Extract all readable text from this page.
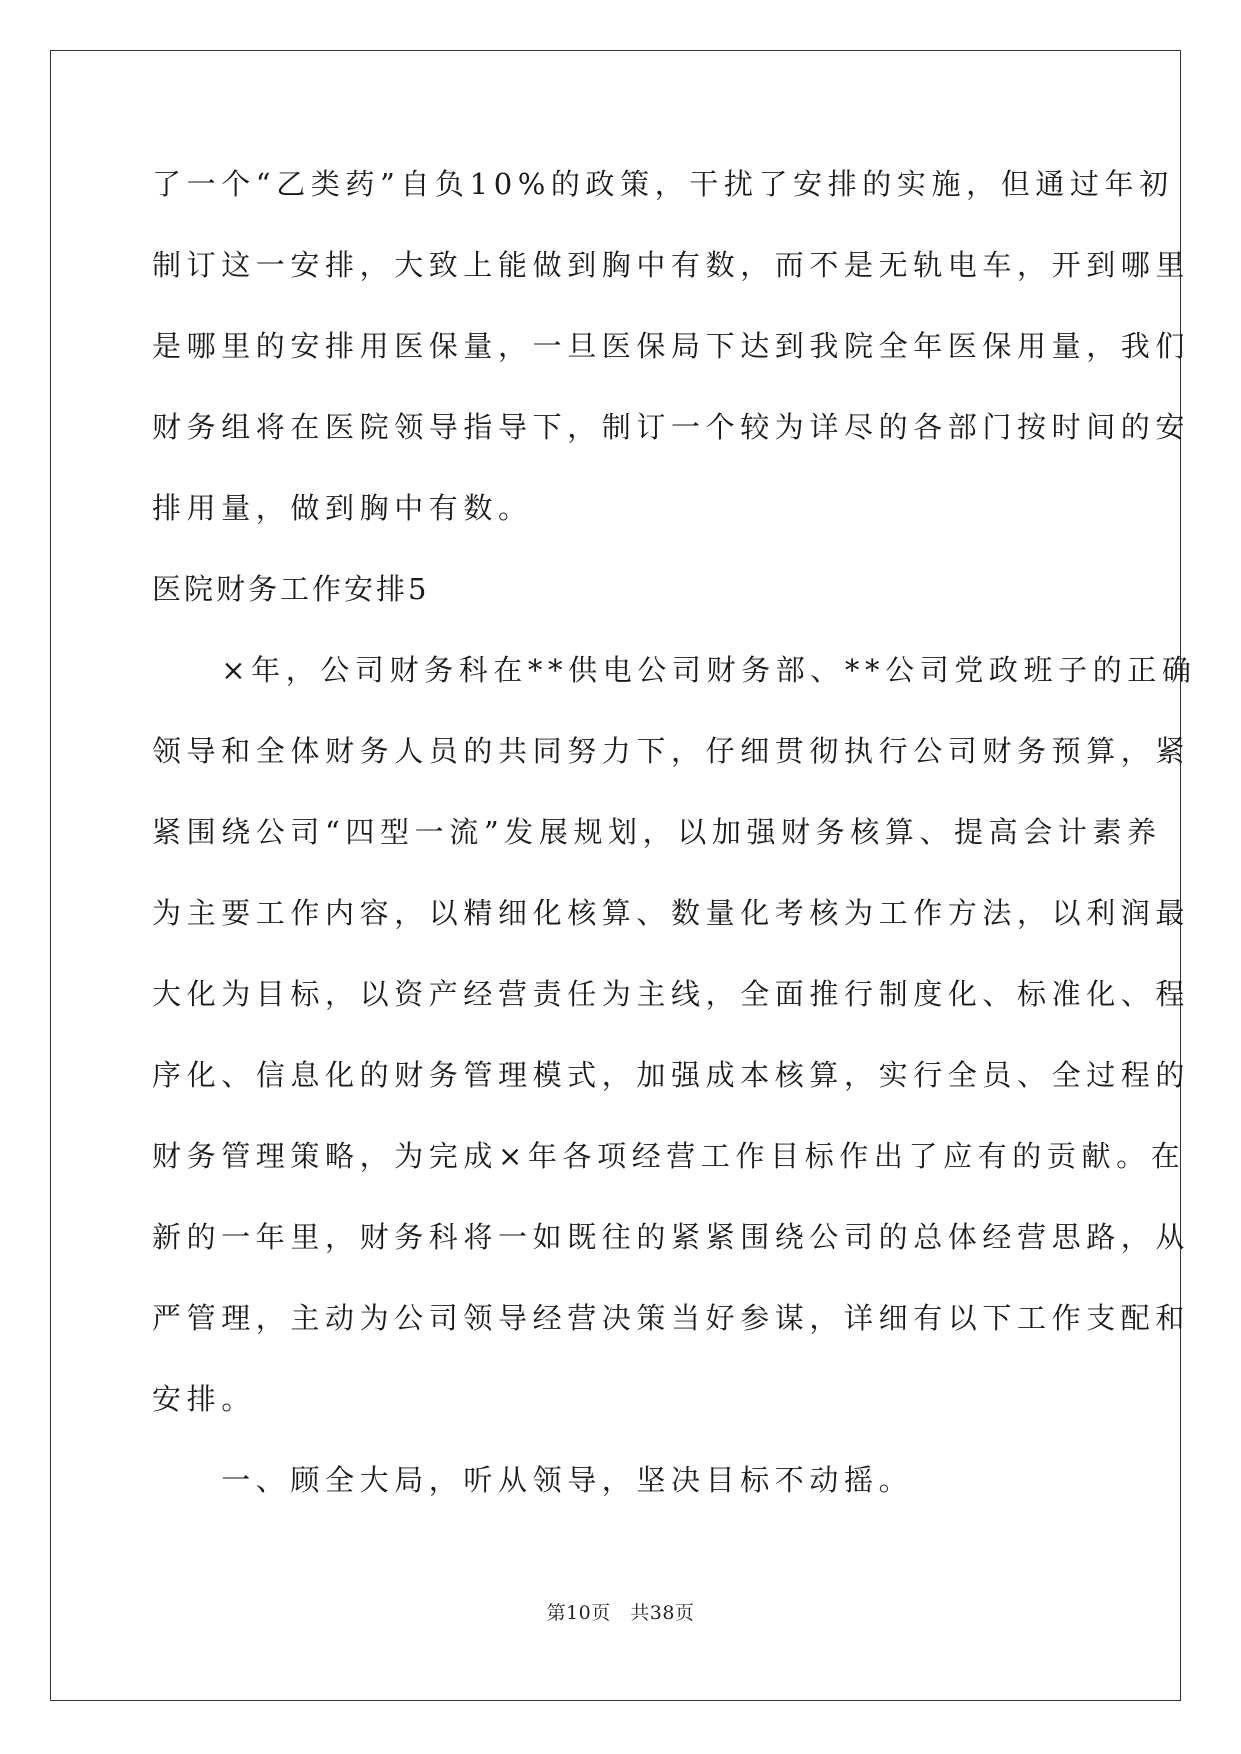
了一个“乙类药”自负10%的政策，干扰了安排的实施，但通过年初
制订这一安排，大致上能做到胸中有数，而不是无轨电车，开到哪里
是哪里的安排用医保量，一旦医保局下达到我院全年医保用量，我们
财务组将在医院领导指导下，制订一个较为详尽的各部门按时间的安
排用量，做到胸中有数。
医院财务工作安排5
　　×年，公司财务科在**供电公司财务部、**公司党政班子的正确
领导和全体财务人员的共同努力下，仔细贯彻执行公司财务预算，紧
紧围绕公司“四型一流”发展规划，以加强财务核算、提高会计素养
为主要工作内容，以精细化核算、数量化考核为工作方法，以利润最
大化为目标，以资产经营责任为主线，全面推行制度化、标准化、程
序化、信息化的财务管理模式，加强成本核算，实行全员、全过程的
财务管理策略，为完成×年各项经营工作目标作出了应有的贡献。在
新的一年里，财务科将一如既往的紧紧围绕公司的总体经营思路，从
严管理，主动为公司领导经营决策当好参谋，详细有以下工作支配和
安排。
　　一、顾全大局，听从领导，坚决目标不动摇。
第10页　共38页
